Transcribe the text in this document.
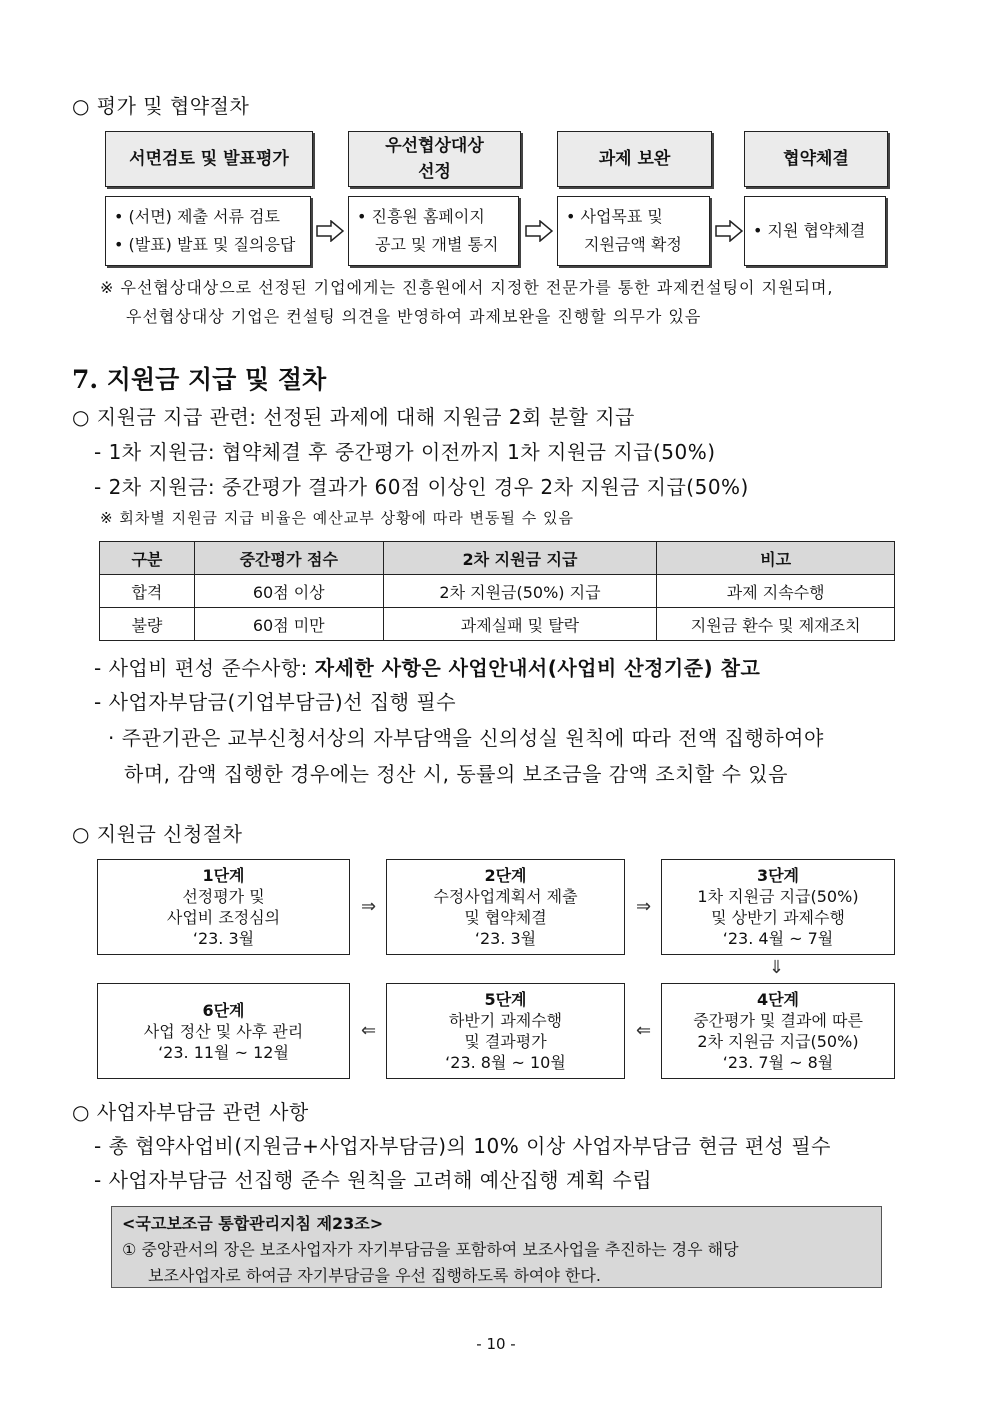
○ 평가 및 협약절차
서면검토 및 발표평가
우선협상대상
선정
과제 보완	협약체결
• (서면) 제출 서류 검토
• (발표) 발표 및 질의응답
• 진흥원 홈페이지
공고 및 개별 통지
• 사업목표 및
지원금액 확정
• 지원 협약체결
※ 우선협상대상으로 선정된 기업에게는 진흥원에서 지정한 전문가를 통한 과제컨설팅이 지원되며,
우선협상대상 기업은 컨설팅 의견을 반영하여 과제보완을 진행할 의무가 있음
7. 지원금 지급 및 절차
○ 지원금 지급 관련: 선정된 과제에 대해 지원금 2회 분할 지급
- 1차 지원금: 협약체결 후 중간평가 이전까지 1차 지원금 지급(50%)
- 2차 지원금: 중간평가 결과가 60점 이상인 경우 2차 지원금 지급(50%)
※ 회차별 지원금 지급 비율은 예산교부 상황에 따라 변동될 수 있음
구분	중간평가 점수	2차 지원금 지급	비고
합격	60점 이상	2차 지원금(50%) 지급	과제 지속수행
불량	60점 미만	과제실패 및 탈락	지원금 환수 및 제재조치
- 사업비 편성 준수사항: 자세한 사항은 사업안내서(사업비 산정기준) 참고
- 사업자부담금(기업부담금)선 집행 필수
· 주관기관은 교부신청서상의 자부담액을 신의성실 원칙에 따라 전액 집행하여야
하며, 감액 집행한 경우에는 정산 시, 동률의 보조금을 감액 조치할 수 있음
○ 지원금 신청절차
1단계
선정평가 및
사업비 조정심의
‘23. 3월
2단계
수정사업계획서 제출
및 협약체결
‘23. 3월
3단계
1차 지원금 지급(50%)
및 상반기 과제수행
‘23. 4월 ~ 7월
⇒	⇒
⇓
6단계
사업 정산 및 사후 관리
‘23. 11월 ~ 12월
5단계
하반기 과제수행
및 결과평가
‘23. 8월 ~ 10월
4단계
중간평가 및 결과에 따른
2차 지원금 지급(50%)
‘23. 7월 ~ 8월
⇐	⇐
○ 사업자부담금 관련 사항
- 총 협약사업비(지원금+사업자부담금)의 10% 이상 사업자부담금 현금 편성 필수
- 사업자부담금 선집행 준수 원칙을 고려해 예산집행 계획 수립
<국고보조금 통합관리지침 제23조>
① 중앙관서의 장은 보조사업자가 자기부담금을 포함하여 보조사업을 추진하는 경우 해당
보조사업자로 하여금 자기부담금을 우선 집행하도록 하여야 한다.
- 10 -
